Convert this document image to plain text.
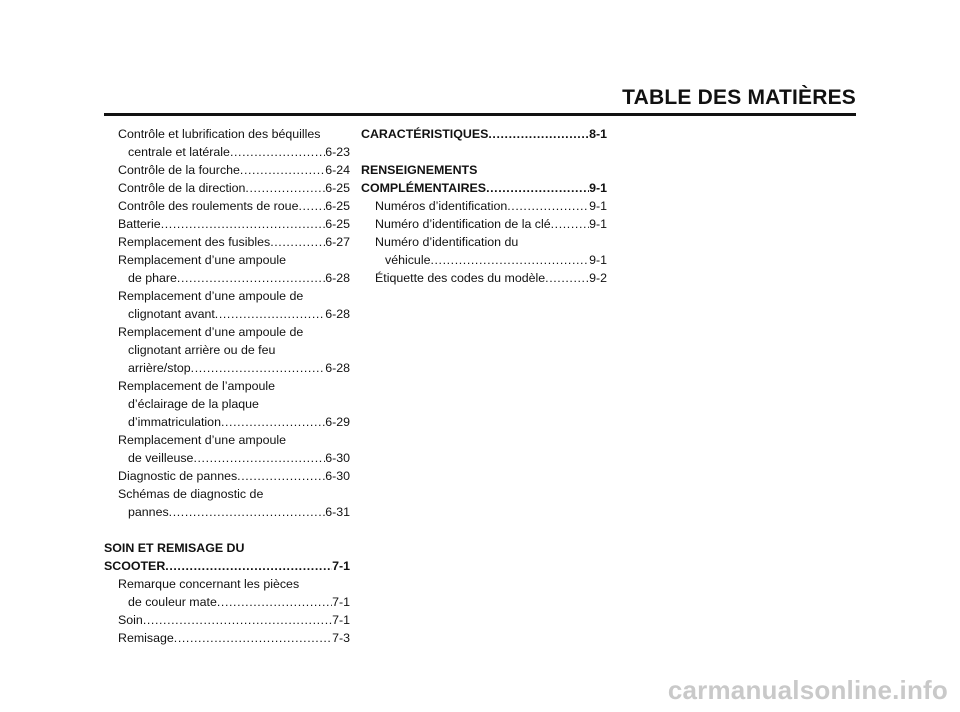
TABLE DES MATIÈRES
Contrôle et lubrification des béquilles
centrale et latérale .....	6-23
Contrôle de la fourche .....	6-24
Contrôle de la direction .....	6-25
Contrôle des roulements de roue ..... 6-25
Batterie .....	6-25
Remplacement des fusibles .....	6-27
Remplacement d’une ampoule
de phare .....	6-28
Remplacement d’une ampoule de
clignotant avant .....	6-28
Remplacement d’une ampoule de
clignotant arrière ou de feu
arrière/stop .....	6-28
Remplacement de l’ampoule
d’éclairage de la plaque
d’immatriculation .....	6-29
Remplacement d’une ampoule
de veilleuse .....	6-30
Diagnostic de pannes .....	6-30
Schémas de diagnostic de
pannes .....	6-31
SOIN ET REMISAGE DU
SCOOTER .....	7-1
Remarque concernant les pièces
de couleur mate .....	7-1
Soin .....	7-1
Remisage .....	7-3
CARACTÉRISTIQUES .....	8-1
RENSEIGNEMENTS
COMPLÉMENTAIRES .....	9-1
Numéros d’identification .....	9-1
Numéro d’identification de la clé .....	9-1
Numéro d’identification du
véhicule .....	9-1
Étiquette des codes du modèle .....	9-2
carmanualsonline.info
